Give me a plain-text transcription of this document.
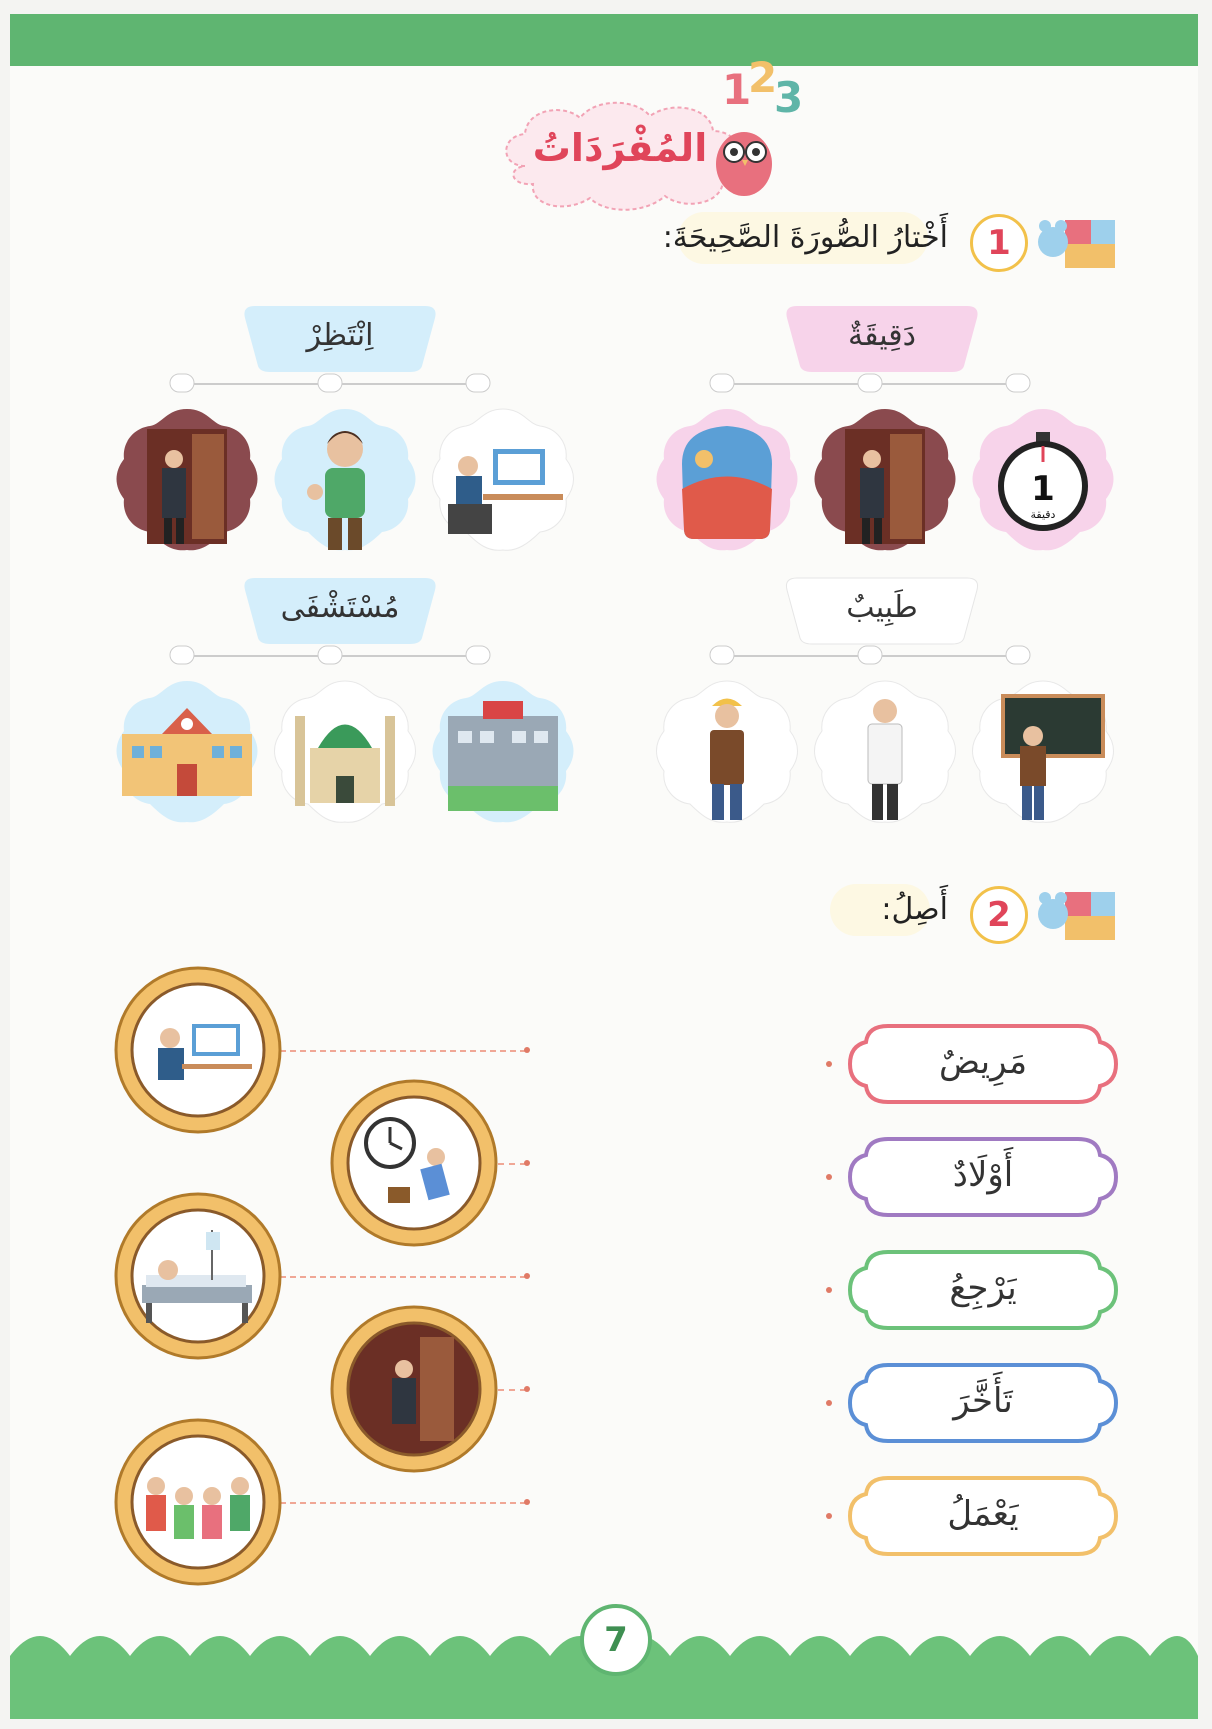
المُفْرَدَاتُ
1
2
3
أَخْتارُ الصُّورَةَ الصَّحِيحَةَ:	1
دَقِيقَةٌ
اِنْتَظِرْ
1
دقيقة
طَبِيبٌ
مُسْتَشْفَى
أَصِلُ:	2
مَرِيضٌ
أَوْلَادٌ
يَرْجِعُ
تَأَخَّرَ
يَعْمَلُ
7
